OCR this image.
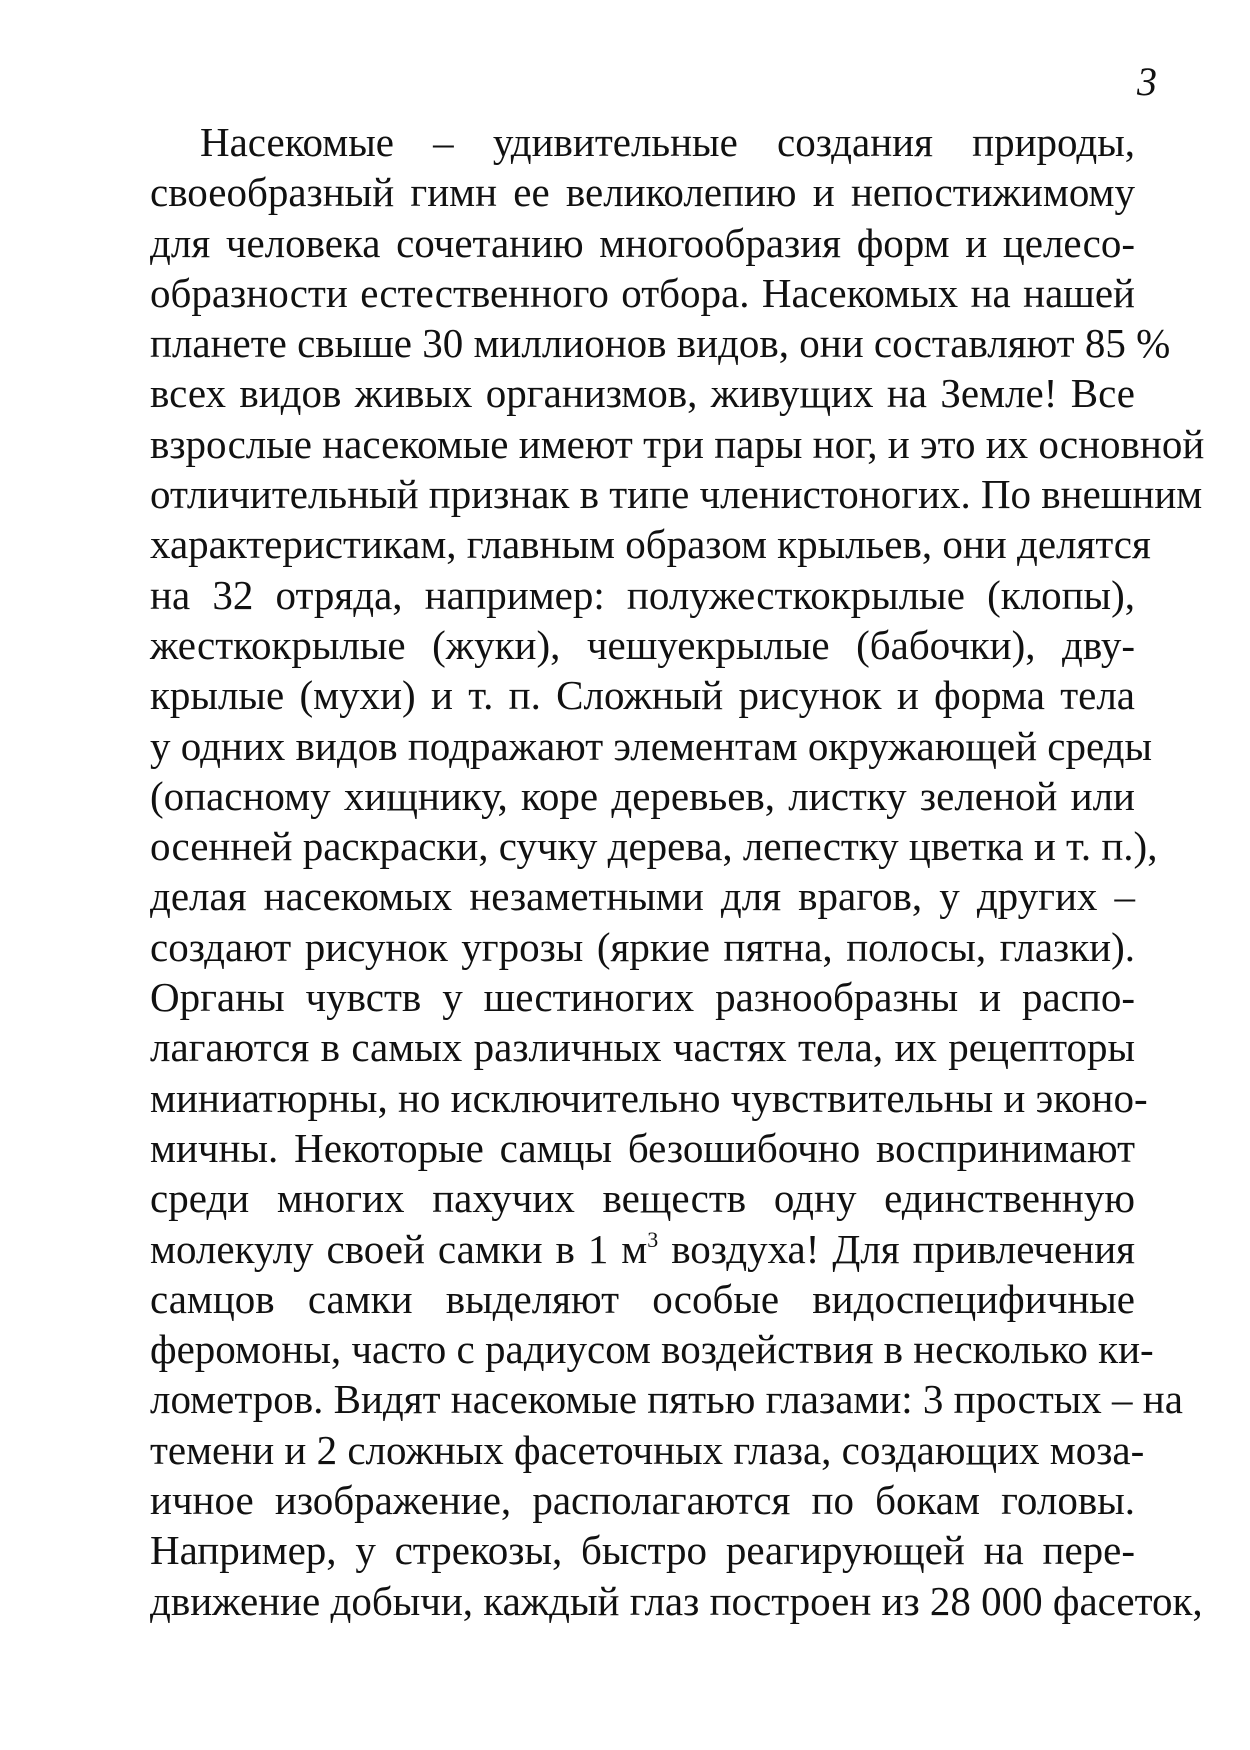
3
Насекомые – удивительные создания природы,
своеобразный гимн ее великолепию и непостижимому
для человека сочетанию многообразия форм и целесо-
образности естественного отбора. Насекомых на нашей
планете свыше 30 миллионов видов, они составляют 85 %
всех видов живых организмов, живущих на Земле! Все
взрослые насекомые имеют три пары ног, и это их основной
отличительный признак в типе членистоногих. По внешним
характеристикам, главным образом крыльев, они делятся
на 32 отряда, например: полужесткокрылые (клопы),
жесткокрылые (жуки), чешуекрылые (бабочки), дву-
крылые (мухи) и т. п. Сложный рисунок и форма тела
у одних видов подражают элементам окружающей среды
(опасному хищнику, коре деревьев, листку зеленой или
осенней раскраски, сучку дерева, лепестку цветка и т. п.),
делая насекомых незаметными для врагов, у других –
создают рисунок угрозы (яркие пятна, полосы, глазки).
Органы чувств у шестиногих разнообразны и распо-
лагаются в самых различных частях тела, их рецепторы
миниатюрны, но исключительно чувствительны и эконо-
мичны. Некоторые самцы безошибочно воспринимают
среди многих пахучих веществ одну единственную
молекулу своей самки в 1 $м^3$ воздуха! Для привлечения
самцов самки выделяют особые видоспецифичные
феромоны, часто с радиусом воздействия в несколько ки-
лометров. Видят насекомые пятью глазами: 3 простых – на
темени и 2 сложных фасеточных глаза, создающих моза-
ичное изображение, располагаются по бокам головы.
Например, у стрекозы, быстро реагирующей на пере-
движение добычи, каждый глаз построен из 28 000 фасеток,
